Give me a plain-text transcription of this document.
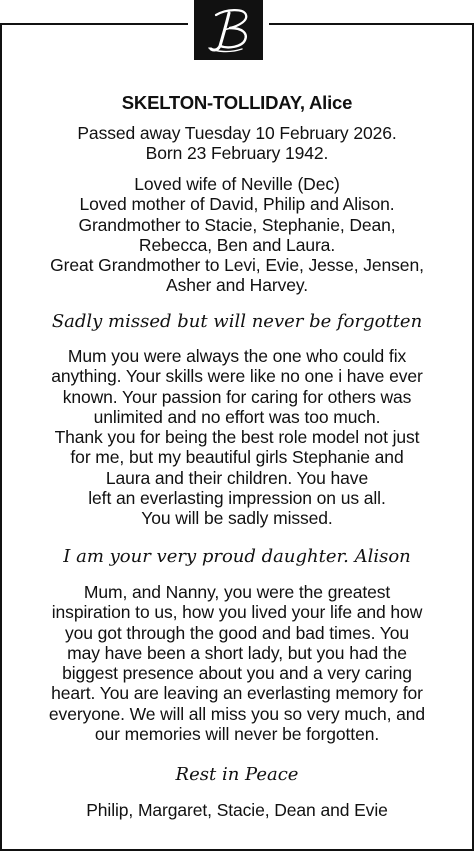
SKELTON-TOLLIDAY, Alice
Passed away Tuesday 10 February 2026.
Born 23 February 1942.
Loved wife of Neville (Dec)
Loved mother of David, Philip and Alison.
Grandmother to Stacie, Stephanie, Dean,
Rebecca, Ben and Laura.
Great Grandmother to Levi, Evie, Jesse, Jensen,
Asher and Harvey.
Sadly missed but will never be forgotten
Mum you were always the one who could fix
anything. Your skills were like no one i have ever
known. Your passion for caring for others was
unlimited and no effort was too much.
Thank you for being the best role model not just
for me, but my beautiful girls Stephanie and
Laura and their children. You have
left an everlasting impression on us all.
You will be sadly missed.
I am your very proud daughter. Alison
Mum, and Nanny, you were the greatest
inspiration to us, how you lived your life and how
you got through the good and bad times. You
may have been a short lady, but you had the
biggest presence about you and a very caring
heart. You are leaving an everlasting memory for
everyone. We will all miss you so very much, and
our memories will never be forgotten.
Rest in Peace
Philip, Margaret, Stacie, Dean and Evie
